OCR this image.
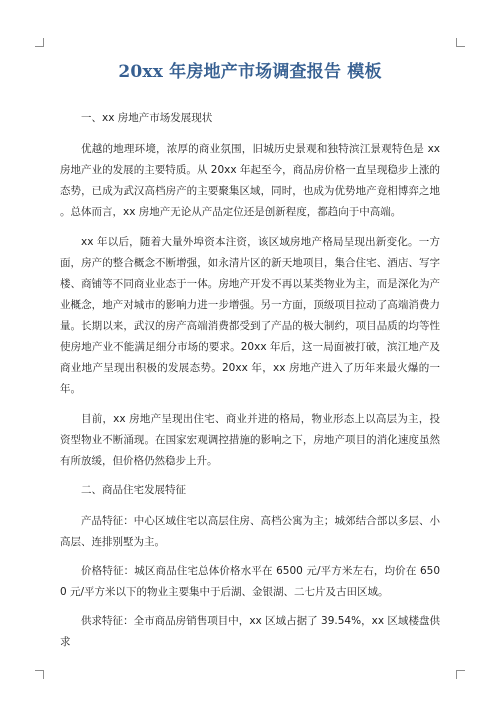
20xx 年房地产市场调查报告 模板
一、xx 房地产市场发展现状

优越的地理环境，浓厚的商业氛围，旧城历史景观和独特滨江景观特色是 xx 房地产业的发展的主要特质。从 20xx 年起至今，商品房价格一直呈现稳步上涨的态势，已成为武汉高档房产的主要聚集区域，同时，也成为优势地产竟相博弈之地。总体而言，xx 房地产无论从产品定位还是创新程度，都趋向于中高端。

xx 年以后，随着大量外埠资本注资，该区域房地产格局呈现出新变化。一方面，房产的整合概念不断增强，如永清片区的新天地项目，集合住宅、酒店、写字楼、商铺等不同商业业态于一体。房地产开发不再以某类物业为主，而是深化为产业概念，地产对城市的影响力进一步增强。另一方面，顶级项目拉动了高端消费力量。长期以来，武汉的房产高端消费都受到了产品的极大制约，项目品质的均等性使房地产业不能满足细分市场的要求。20xx 年后，这一局面被打破，滨江地产及商业地产呈现出积极的发展态势。20xx 年，xx 房地产进入了历年来最火爆的一年。

目前，xx 房地产呈现出住宅、商业并进的格局，物业形态上以高层为主，投资型物业不断涌现。在国家宏观调控措施的影响之下，房地产项目的消化速度虽然有所放缓，但价格仍然稳步上升。

二、商品住宅发展特征

产品特征：中心区域住宅以高层住房、高档公寓为主；城郊结合部以多层、小高层、连排别墅为主。

价格特征：城区商品住宅总体价格水平在 6500 元/平方米左右，均价在 6500 元/平方米以下的物业主要集中于后湖、金银湖、二七片及古田区域。

供求特征：全市商品房销售项目中，xx 区域占据了 39.54%，xx 区域楼盘供求
